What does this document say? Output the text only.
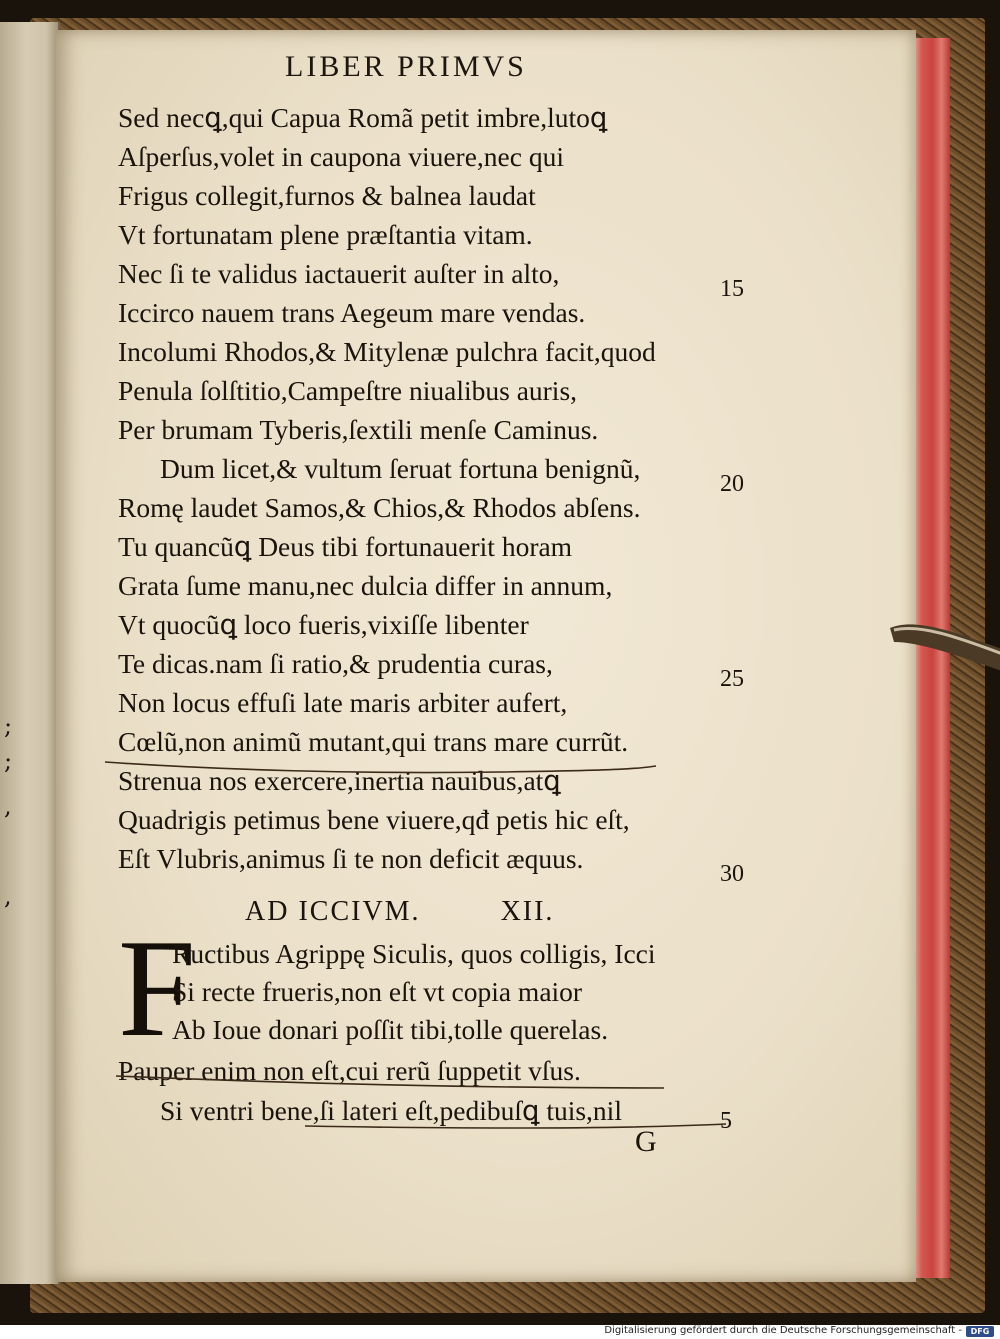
;
;
,
,
LIBER PRIMVS
Sed necꝗ,qui Capua Romã petit imbre,lutoꝗ
Aſperſus,volet in caupona viuere,nec qui
Frigus collegit,furnos & balnea laudat
Vt fortunatam plene præſtantia vitam.
Nec ſi te validus iactauerit auſter in alto,
Iccirco nauem trans Aegeum mare vendas.
Incolumi Rhodos,& Mitylenæ pulchra facit,quod
Penula ſolſtitio,Campeſtre niualibus auris,
Per brumam Tyberis,ſextili menſe Caminus.
Dum licet,& vultum ſeruat fortuna benignũ,
Romę laudet Samos,& Chios,& Rhodos abſens.
Tu quancũꝗ Deus tibi fortunauerit horam
Grata ſume manu,nec dulcia differ in annum,
Vt quocũꝗ loco fueris,vixiſſe libenter
Te dicas.nam ſi ratio,& prudentia curas,
Non locus effuſi late maris arbiter aufert,
Cœlũ,non animũ mutant,qui trans mare currũt.
Strenua nos exercere,inertia nauibus,atꝗ
Quadrigis petimus bene viuere,qđ petis hic eſt,
Eſt Vlubris,animus ſi te non deficit æquus.
15
20
25
30
AD ICCIVM.	XII.
F
Ructibus Agrippę Siculis, quos colligis, Icci
Si recte frueris,non eſt vt copia maior
Ab Ioue donari poſſit tibi,tolle querelas.
Pauper enim non eſt,cui rerũ ſuppetit vſus.
Si ventri bene,ſi lateri eſt,pedibuſꝗ tuis,nil	5
G
Digitalisierung gefördert durch die Deutsche Forschungsgemeinschaft -	DFG
